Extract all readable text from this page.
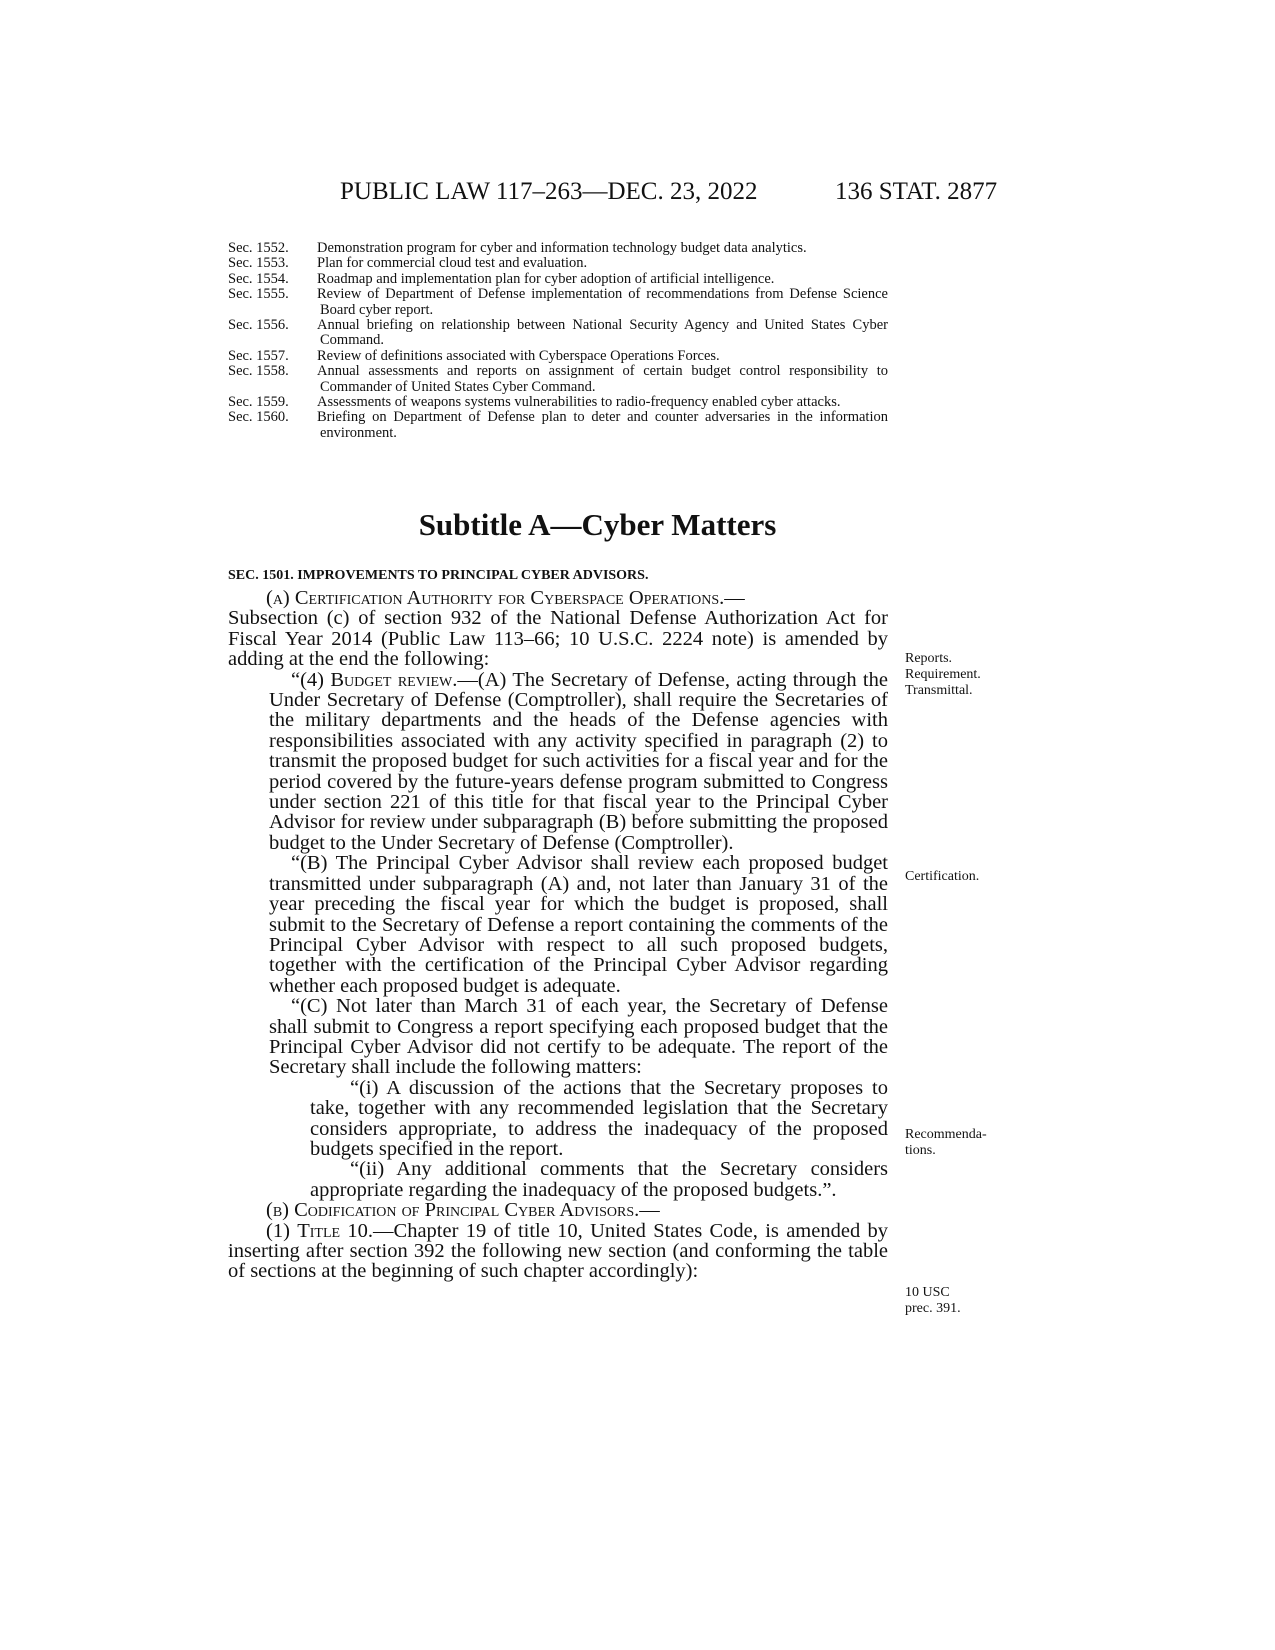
PUBLIC LAW 117–263—DEC. 23, 2022	136 STAT. 2877
Sec. 1552. Demonstration program for cyber and information technology budget data analytics.
Sec. 1553. Plan for commercial cloud test and evaluation.
Sec. 1554. Roadmap and implementation plan for cyber adoption of artificial intelligence.
Sec. 1555. Review of Department of Defense implementation of recommendations from Defense Science Board cyber report.
Sec. 1556. Annual briefing on relationship between National Security Agency and United States Cyber Command.
Sec. 1557. Review of definitions associated with Cyberspace Operations Forces.
Sec. 1558. Annual assessments and reports on assignment of certain budget control responsibility to Commander of United States Cyber Command.
Sec. 1559. Assessments of weapons systems vulnerabilities to radio-frequency enabled cyber attacks.
Sec. 1560. Briefing on Department of Defense plan to deter and counter adversaries in the information environment.
Subtitle A—Cyber Matters
SEC. 1501. IMPROVEMENTS TO PRINCIPAL CYBER ADVISORS.

(a) Certification Authority for Cyberspace Operations.—

Subsection (c) of section 932 of the National Defense Authorization Act for Fiscal Year 2014 (Public Law 113–66; 10 U.S.C. 2224 note) is amended by adding at the end the following:

“(4) Budget review.—(A) The Secretary of Defense, acting through the Under Secretary of Defense (Comptroller), shall require the Secretaries of the military departments and the heads of the Defense agencies with responsibilities associated with any activity specified in paragraph (2) to transmit the proposed budget for such activities for a fiscal year and for the period covered by the future-years defense program submitted to Congress under section 221 of this title for that fiscal year to the Principal Cyber Advisor for review under subparagraph (B) before submitting the proposed budget to the Under Secretary of Defense (Comptroller).

“(B) The Principal Cyber Advisor shall review each proposed budget transmitted under subparagraph (A) and, not later than January 31 of the year preceding the fiscal year for which the budget is proposed, shall submit to the Secretary of Defense a report containing the comments of the Principal Cyber Advisor with respect to all such proposed budgets, together with the certification of the Principal Cyber Advisor regarding whether each proposed budget is adequate.

“(C) Not later than March 31 of each year, the Secretary of Defense shall submit to Congress a report specifying each proposed budget that the Principal Cyber Advisor did not certify to be adequate. The report of the Secretary shall include the following matters:

“(i) A discussion of the actions that the Secretary proposes to take, together with any recommended legislation that the Secretary considers appropriate, to address the inadequacy of the proposed budgets specified in the report.

“(ii) Any additional comments that the Secretary considers appropriate regarding the inadequacy of the proposed budgets.”.

(b) Codification of Principal Cyber Advisors.—

(1) Title 10.—Chapter 19 of title 10, United States Code, is amended by inserting after section 392 the following new section (and conforming the table of sections at the beginning of such chapter accordingly):

Reports.
Requirement.
Transmittal.
Certification.
Recommenda-
tions.
10 USC
prec. 391.
